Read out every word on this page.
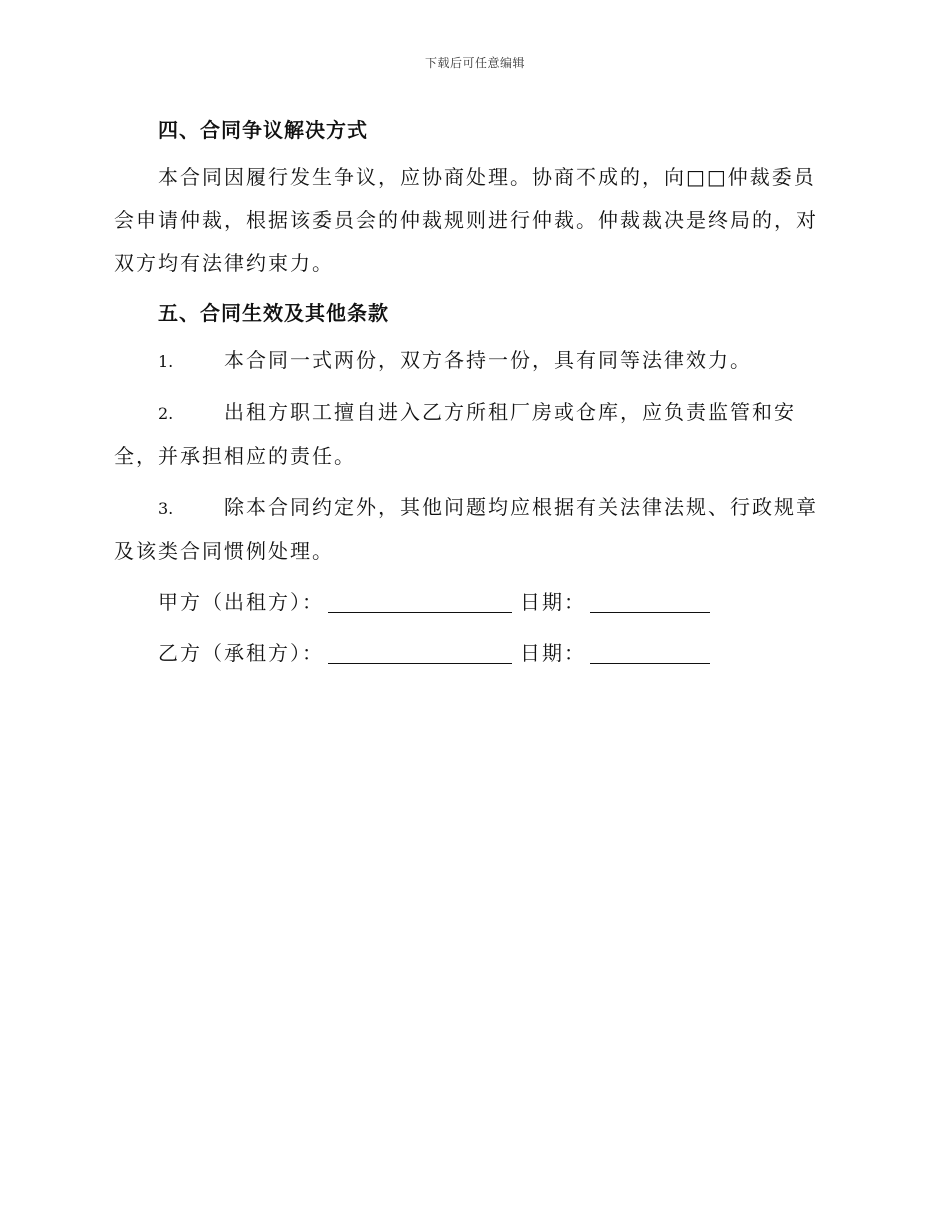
下载后可任意编辑
四、合同争议解决方式

本合同因履行发生争议，应协商处理。协商不成的，向□□仲裁委员会申请仲裁，根据该委员会的仲裁规则进行仲裁。仲裁裁决是终局的，对双方均有法律约束力。

五、合同生效及其他条款

1.	本合同一式两份，双方各持一份，具有同等法律效力。

2.	出租方职工擅自进入乙方所租厂房或仓库，应负责监管和安全，并承担相应的责任。

3.	除本合同约定外，其他问题均应根据有关法律法规、行政规章及该类合同惯例处理。

甲方（出租方）：	日期：
乙方（承租方）：	日期：
